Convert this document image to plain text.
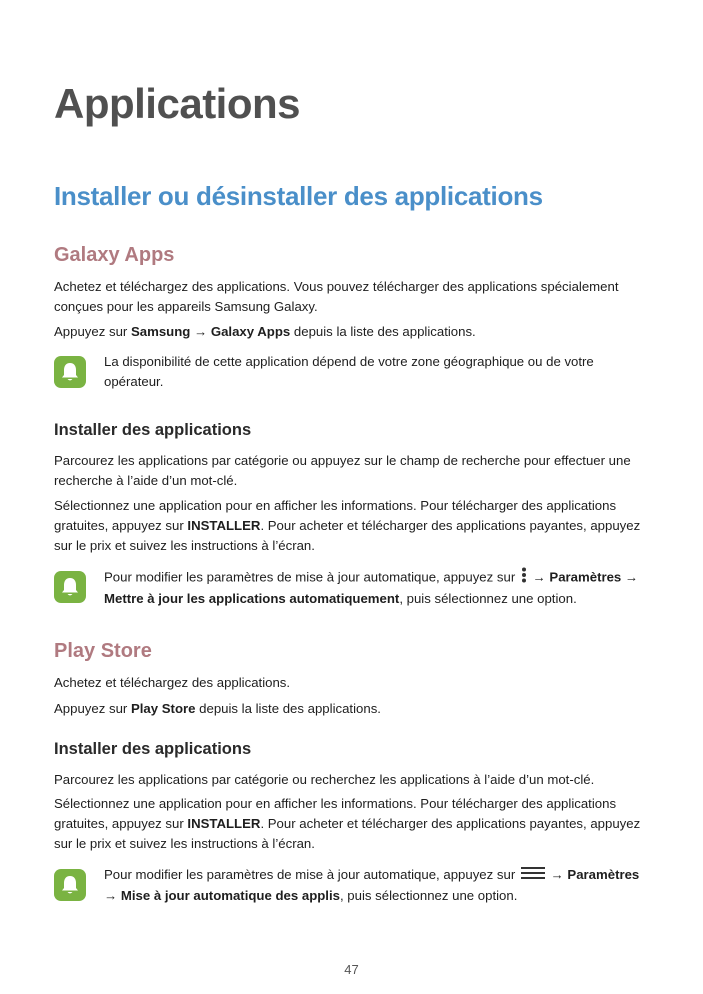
Applications
Installer ou désinstaller des applications
Galaxy Apps

Achetez et téléchargez des applications. Vous pouvez télécharger des applications spécialement conçues pour les appareils Samsung Galaxy.

Appuyez sur Samsung → Galaxy Apps depuis la liste des applications.

La disponibilité de cette application dépend de votre zone géographique ou de votre opérateur.
Installer des applications

Parcourez les applications par catégorie ou appuyez sur le champ de recherche pour effectuer une recherche à l’aide d’un mot-clé.

Sélectionnez une application pour en afficher les informations. Pour télécharger des applications gratuites, appuyez sur INSTALLER. Pour acheter et télécharger des applications payantes, appuyez sur le prix et suivez les instructions à l’écran.

Pour modifier les paramètres de mise à jour automatique, appuyez sur  → Paramètres → Mettre à jour les applications automatiquement, puis sélectionnez une option.
Play Store

Achetez et téléchargez des applications.

Appuyez sur Play Store depuis la liste des applications.

Installer des applications

Parcourez les applications par catégorie ou recherchez les applications à l’aide d’un mot-clé.

Sélectionnez une application pour en afficher les informations. Pour télécharger des applications gratuites, appuyez sur INSTALLER. Pour acheter et télécharger des applications payantes, appuyez sur le prix et suivez les instructions à l’écran.

Pour modifier les paramètres de mise à jour automatique, appuyez sur  → Paramètres
→ Mise à jour automatique des applis, puis sélectionnez une option.
47
